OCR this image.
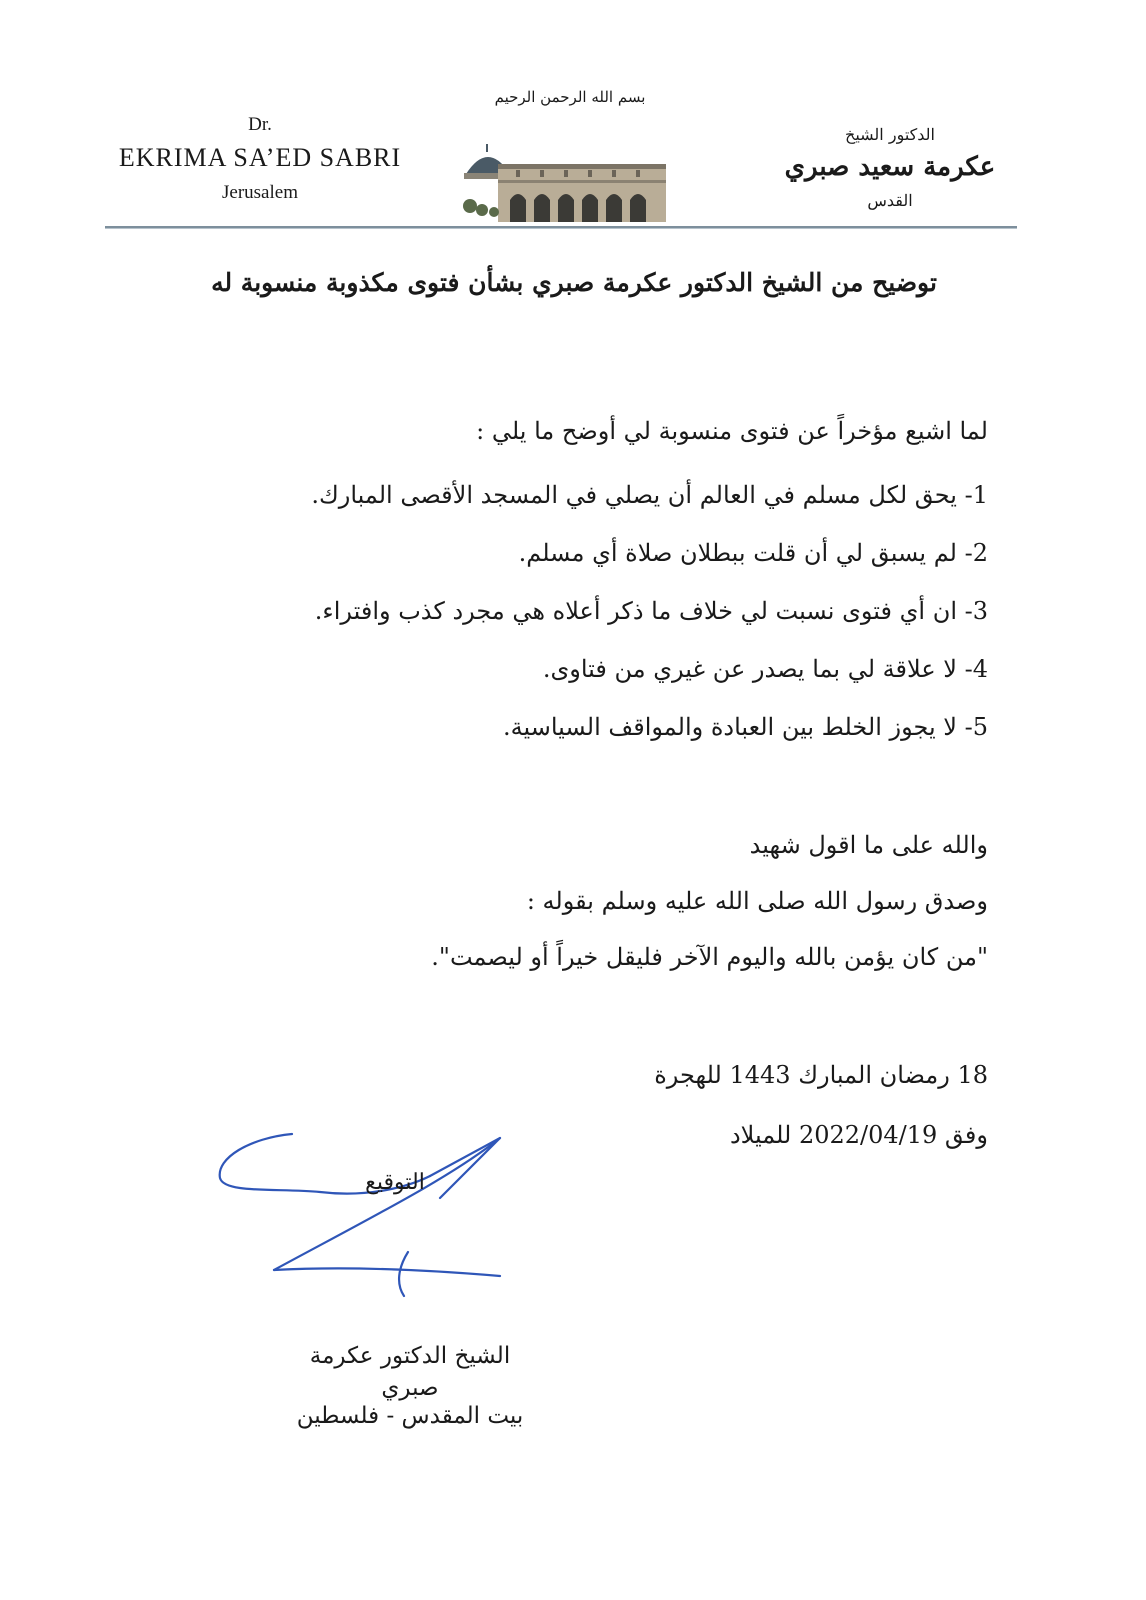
بسم الله الرحمن الرحيم
Dr.
EKRIMA SA’ED SABRI
Jerusalem
الدكتور الشيخ
عكرمة سعيد صبري
القدس
توضيح من الشيخ الدكتور عكرمة صبري بشأن فتوى مكذوبة منسوبة له
لما اشيع مؤخراً عن فتوى منسوبة لي أوضح ما يلي :
1- يحق لكل مسلم في العالم أن يصلي في المسجد الأقصى المبارك.
2- لم يسبق لي أن قلت ببطلان صلاة أي مسلم.
3- ان أي فتوى نسبت لي خلاف ما ذكر أعلاه هي مجرد كذب وافتراء.
4- لا علاقة لي بما يصدر عن غيري من فتاوى.
5- لا يجوز الخلط بين العبادة والمواقف السياسية.
والله على ما اقول شهيد
وصدق رسول الله صلى الله عليه وسلم بقوله :
"من كان يؤمن بالله واليوم الآخر فليقل خيراً أو ليصمت".
18 رمضان المبارك 1443 للهجرة
وفق 2022/04/19 للميلاد
التوقيع
الشيخ الدكتور عكرمة صبري
بيت المقدس - فلسطين
